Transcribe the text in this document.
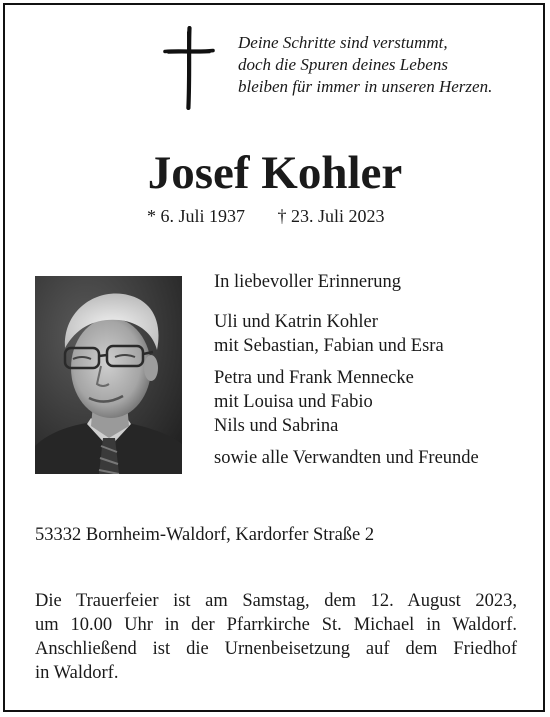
Deine Schritte sind verstummt,
doch die Spuren deines Lebens
bleiben für immer in unseren Herzen.
Josef Kohler
* 6. Juli 1937 † 23. Juli 2023
In liebevoller Erinnerung
Uli und Katrin Kohler
mit Sebastian, Fabian und Esra
Petra und Frank Mennecke
mit Louisa und Fabio
Nils und Sabrina
sowie alle Verwandten und Freunde
53332 Bornheim-Waldorf, Kardorfer Straße 2
Die Trauerfeier ist am Samstag, dem 12. August 2023,
um 10.00 Uhr in der Pfarrkirche St. Michael in Waldorf.
Anschließend ist die Urnenbeisetzung auf dem Friedhof
in Waldorf.
